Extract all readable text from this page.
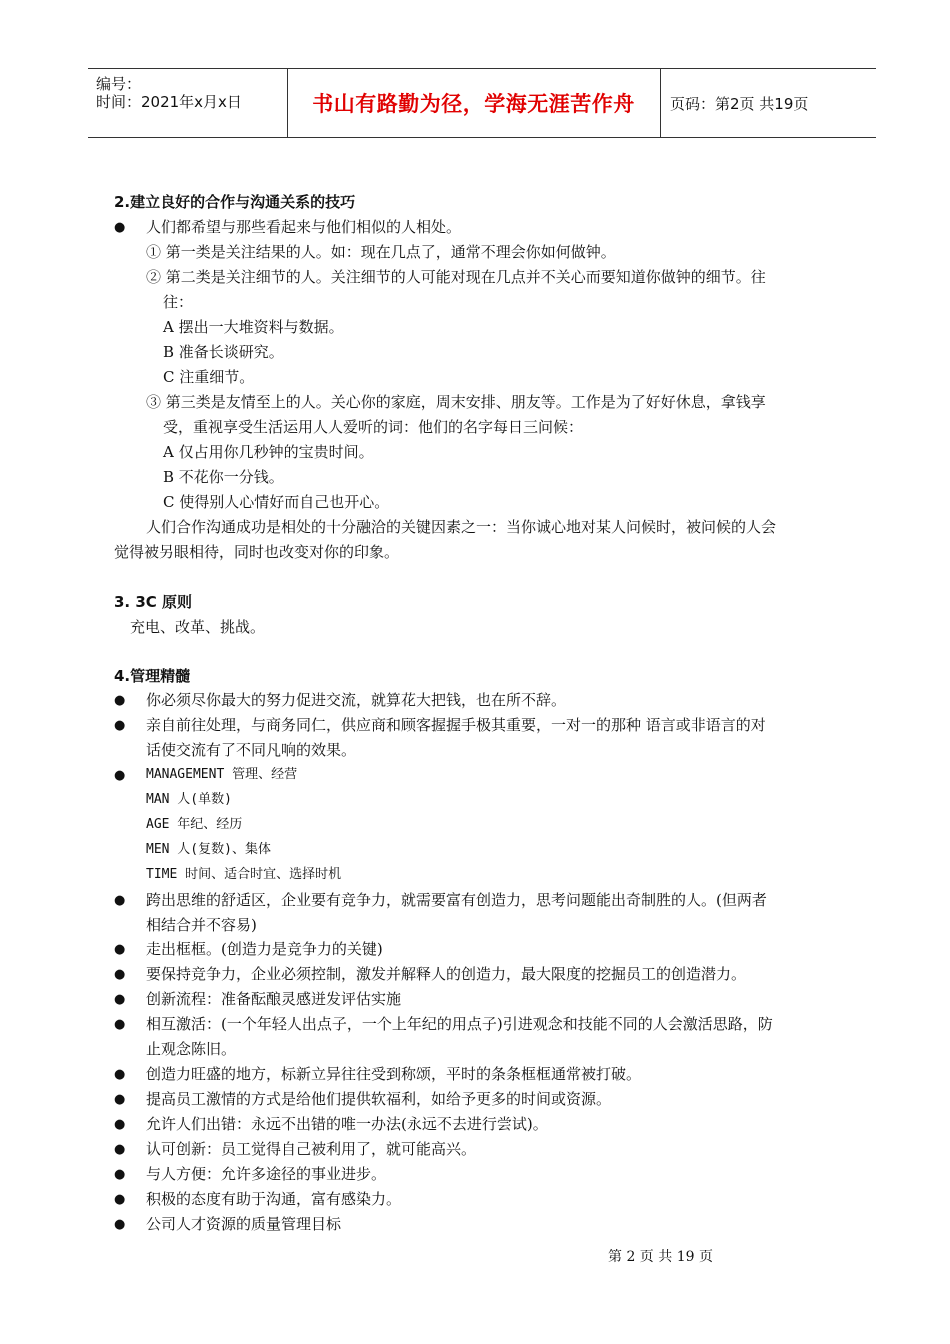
编号：
时间：2021年x月x日	书山有路勤为径，学海无涯苦作舟	页码：第2页 共19页
2.建立良好的合作与沟通关系的技巧
● 人们都希望与那些看起来与他们相似的人相处。
① 第一类是关注结果的人。如：现在几点了，通常不理会你如何做钟。
② 第二类是关注细节的人。关注细节的人可能对现在几点并不关心而要知道你做钟的细节。往
往：
A 摆出一大堆资料与数据。
B 准备长谈研究。
C 注重细节。
③ 第三类是友情至上的人。关心你的家庭，周末安排、朋友等。工作是为了好好休息，拿钱享
受，重视享受生活运用人人爱听的词：他们的名字每日三问候：
A 仅占用你几秒钟的宝贵时间。
B 不花你一分钱。
C 使得别人心情好而自己也开心。
人们合作沟通成功是相处的十分融洽的关键因素之一：当你诚心地对某人问候时，被问候的人会
觉得被另眼相待，同时也改变对你的印象。
3. 3C 原则
充电、改革、挑战。
4.管理精髓
● 你必须尽你最大的努力促进交流，就算花大把钱，也在所不辞。
● 亲自前往处理，与商务同仁，供应商和顾客握握手极其重要，一对一的那种 语言或非语言的对
话使交流有了不同凡响的效果。
● MANAGEMENT 管理、经营
MAN 人(单数)
AGE 年纪、经历
MEN 人(复数)、集体
TIME 时间、适合时宜、选择时机
● 跨出思维的舒适区，企业要有竞争力，就需要富有创造力，思考问题能出奇制胜的人。(但两者
相结合并不容易)
● 走出框框。(创造力是竞争力的关键)
● 要保持竞争力，企业必须控制，激发并解释人的创造力，最大限度的挖掘员工的创造潜力。
● 创新流程：准备酝酿灵感迸发评估实施
● 相互激活：(一个年轻人出点子，一个上年纪的用点子)引进观念和技能不同的人会激活思路，防
止观念陈旧。
● 创造力旺盛的地方，标新立异往往受到称颂，平时的条条框框通常被打破。
● 提高员工激情的方式是给他们提供软福利，如给予更多的时间或资源。
● 允许人们出错：永远不出错的唯一办法(永远不去进行尝试)。
● 认可创新：员工觉得自己被利用了，就可能高兴。
● 与人方便：允许多途径的事业进步。
● 积极的态度有助于沟通，富有感染力。
● 公司人才资源的质量管理目标
第 2 页 共 19 页
